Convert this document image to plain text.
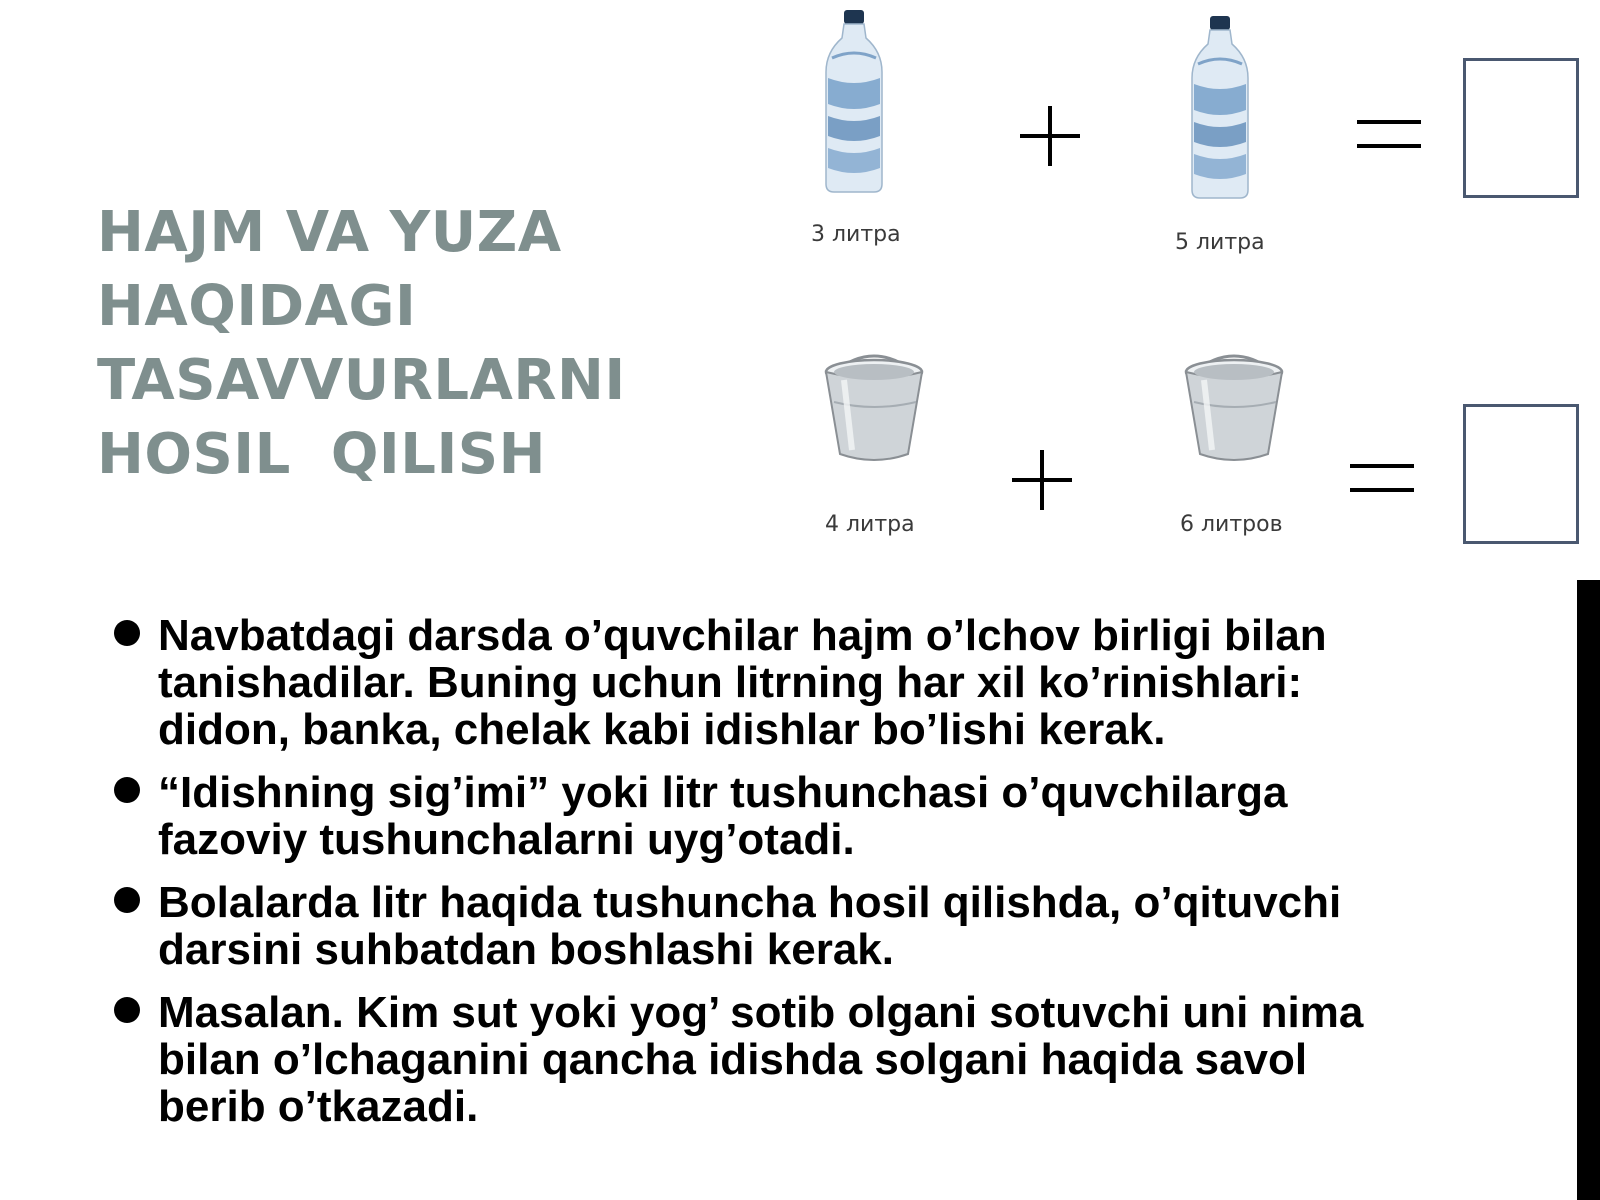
HAJM VA YUZA
HAQIDAGI
TASAVVURLARNI
HOSIL  QILISH
3 литра	5 литра
4 литра	6 литров
Navbatdagi darsda o’quvchilar hajm o’lchov birligi bilan
tanishadilar. Buning uchun litrning har xil ko’rinishlari:
didon, banka, chelak kabi idishlar bo’lishi kerak.
“Idishning sig’imi” yoki litr tushunchasi o’quvchilarga
fazoviy tushunchalarni uyg’otadi.
Bolalarda litr haqida tushuncha hosil qilishda, o’qituvchi
darsini suhbatdan boshlashi kerak.
Masalan. Kim sut yoki yog’ sotib olgani sotuvchi uni nima
bilan o’lchaganini qancha idishda solgani haqida savol
berib o’tkazadi.
